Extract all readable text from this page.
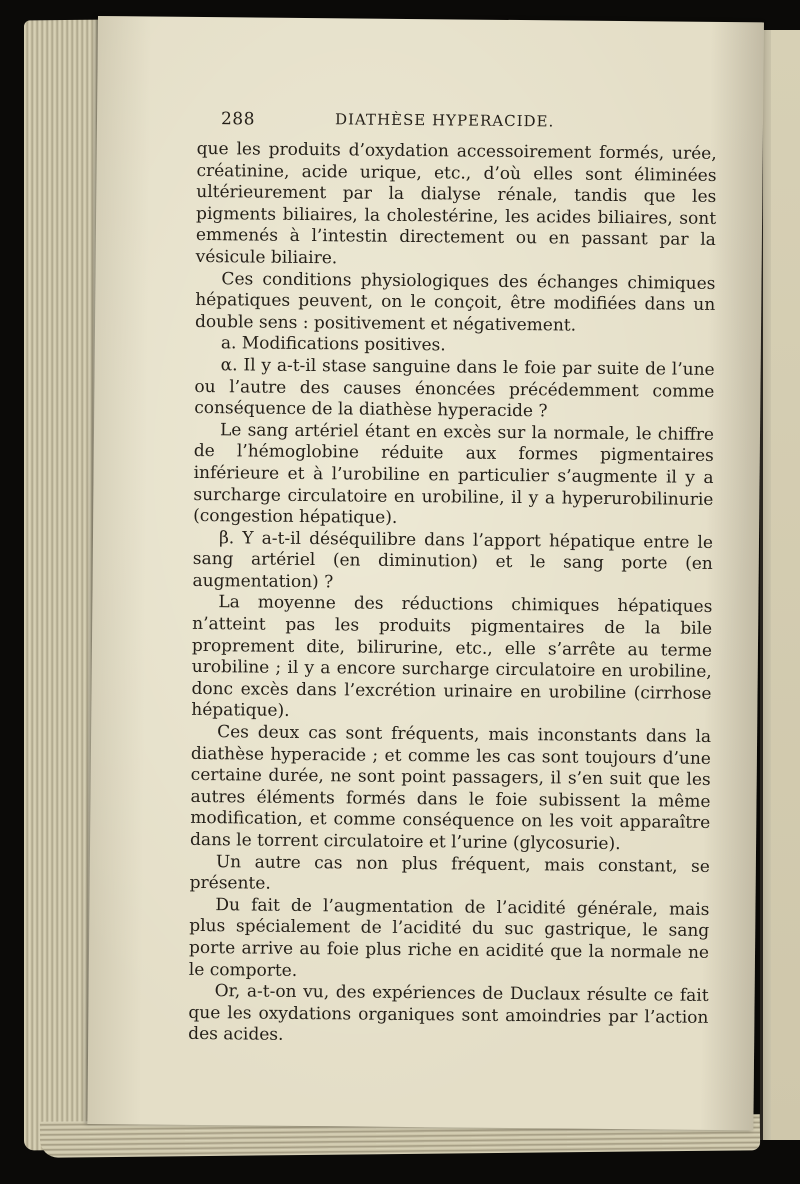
288	DIATHÈSE HYPERACIDE.

que les produits d’oxydation accessoirement formés, urée, créatinine, acide urique, etc., d’où elles sont éliminées ultérieurement par la dialyse rénale, tandis que les pigments biliaires, la cholestérine, les acides biliaires, sont emmenés à l’intestin directement ou en passant par la vésicule biliaire.

Ces conditions physiologiques des échanges chimiques hépatiques peuvent, on le conçoit, être modifiées dans un double sens : positivement et négativement.

a. Modifications positives.

α. Il y a-t-il stase sanguine dans le foie par suite de l’une ou l’autre des causes énoncées précédemment comme conséquence de la diathèse hyperacide ?

Le sang artériel étant en excès sur la normale, le chiffre de l’hémoglobine réduite aux formes pigmentaires inférieure et à l’urobiline en particulier s’augmente il y a surcharge circulatoire en urobiline, il y a hyperurobilinurie (congestion hépatique).

β. Y a-t-il déséquilibre dans l’apport hépatique entre le sang artériel (en diminution) et le sang porte (en augmentation) ?

La moyenne des réductions chimiques hépatiques n’atteint pas les produits pigmentaires de la bile proprement dite, bilirurine, etc., elle s’arrête au terme urobiline ; il y a encore surcharge circulatoire en urobiline, donc excès dans l’excrétion urinaire en urobiline (cirrhose hépatique).

Ces deux cas sont fréquents, mais inconstants dans la diathèse hyperacide ; et comme les cas sont toujours d’une certaine durée, ne sont point passagers, il s’en suit que les autres éléments formés dans le foie subissent la même modification, et comme conséquence on les voit apparaître dans le torrent circulatoire et l’urine (glycosurie).

Un autre cas non plus fréquent, mais constant, se présente.

Du fait de l’augmentation de l’acidité générale, mais plus spécialement de l’acidité du suc gastrique, le sang porte arrive au foie plus riche en acidité que la normale ne le comporte.

Or, a-t-on vu, des expériences de Duclaux résulte ce fait que les oxydations organiques sont amoindries par l’action des acides.
